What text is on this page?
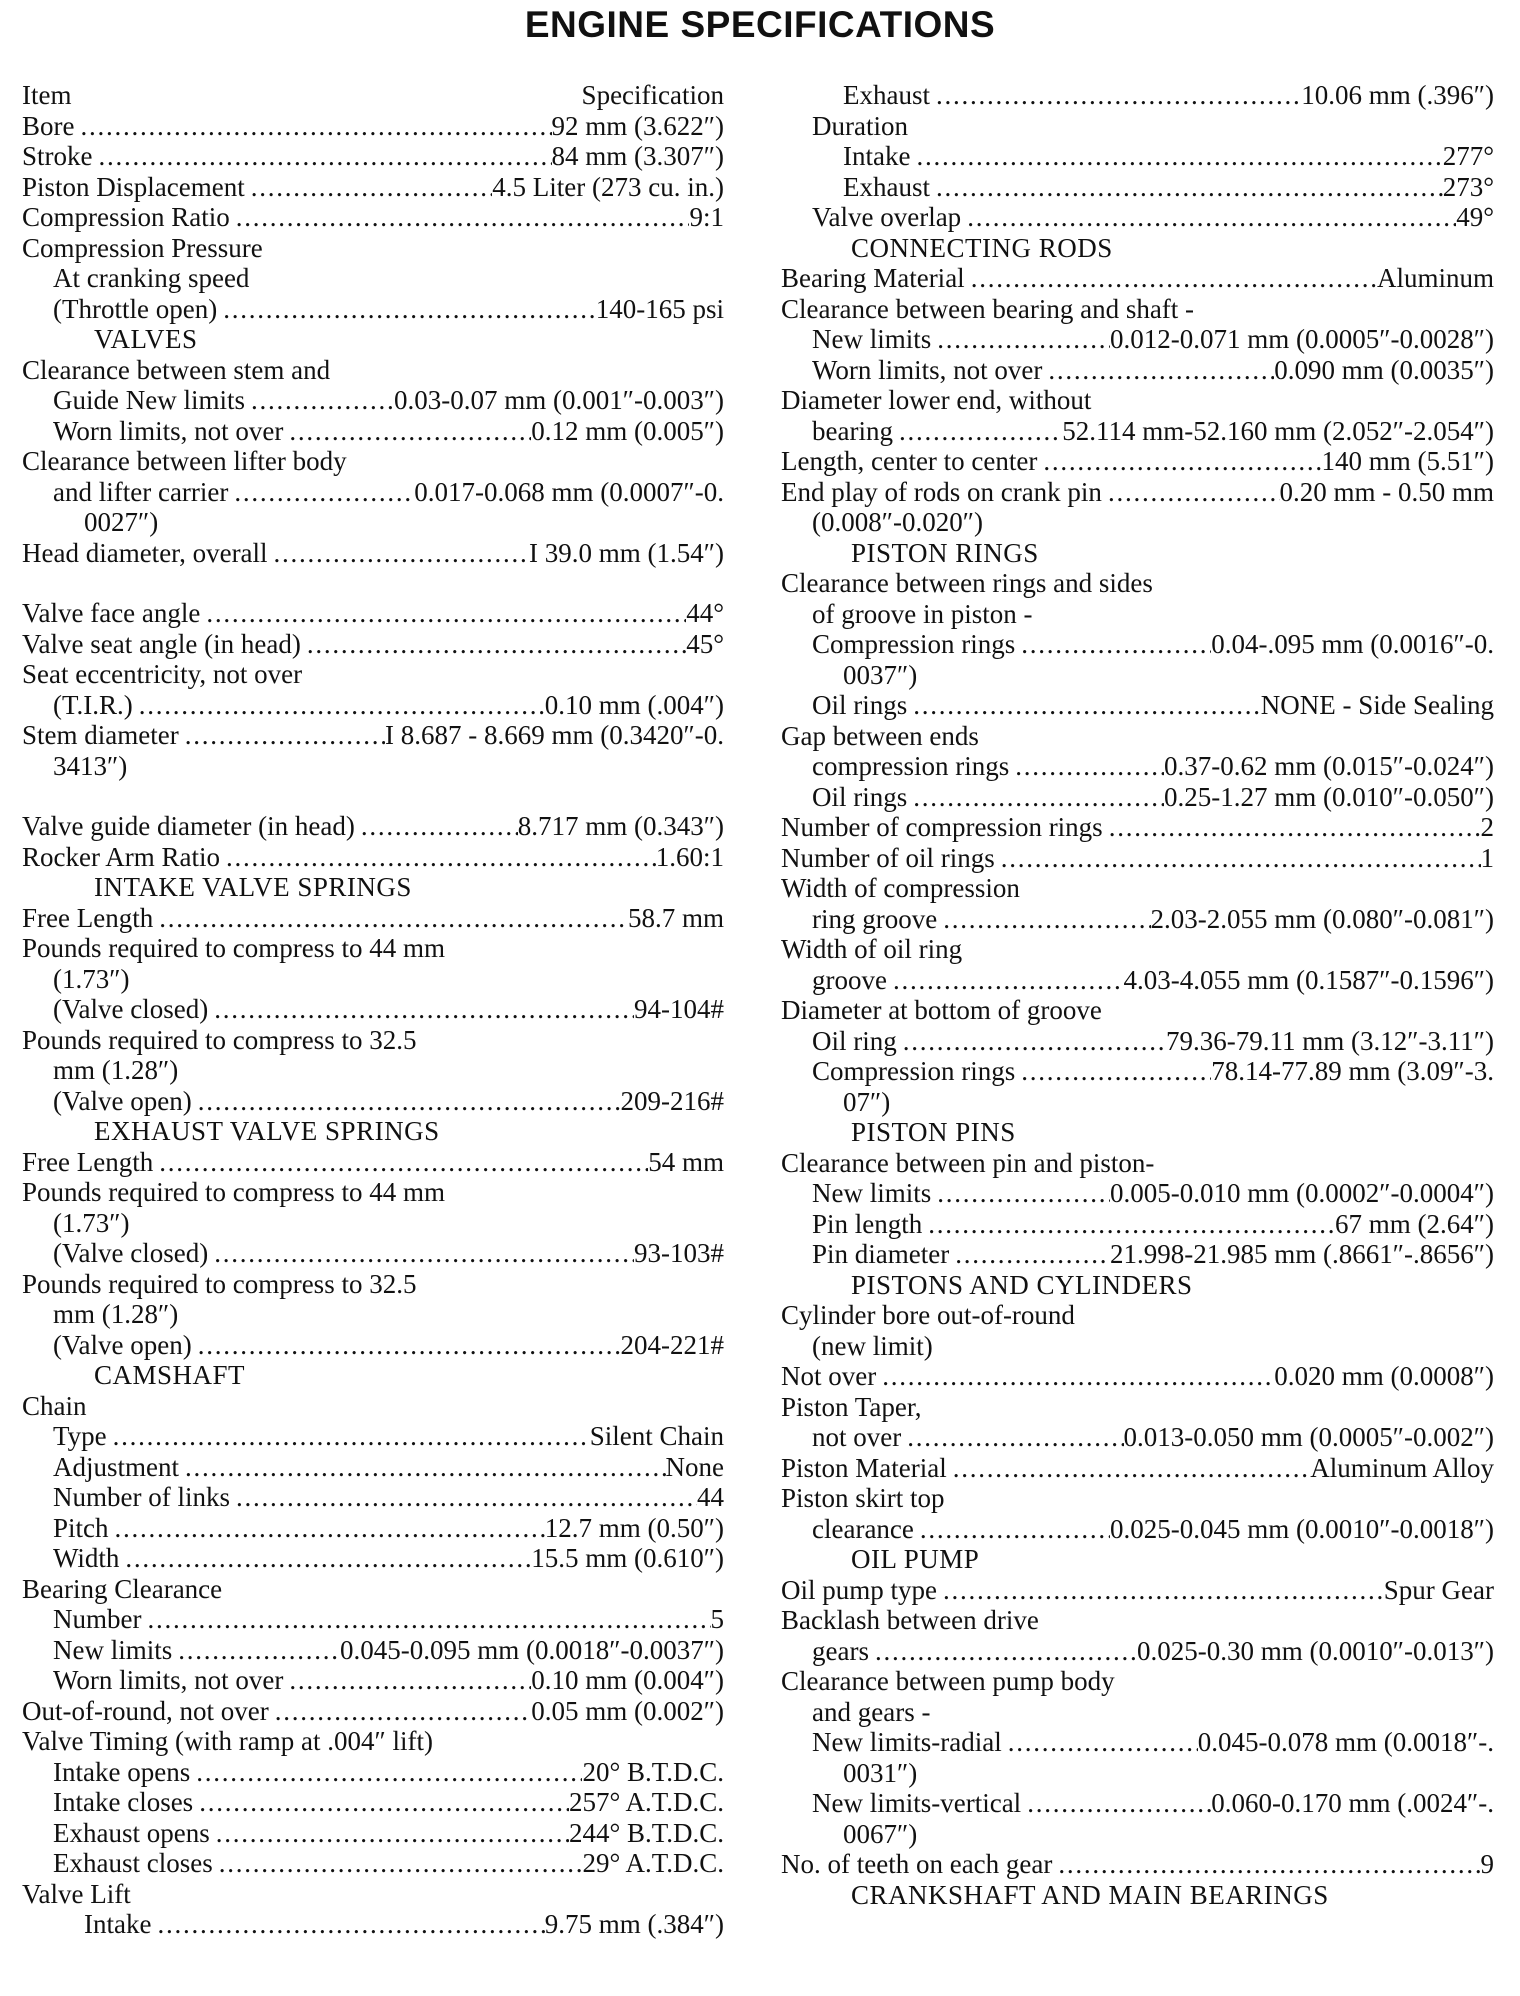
ENGINE SPECIFICATIONS
Item	Specification
Bore . . .	92 mm (3.622″)
Stroke . . .	84 mm (3.307″)
Piston Displacement . . .	4.5 Liter (273 cu. in.)
Compression Ratio . . .	9:1
Compression Pressure
At cranking speed
(Throttle open) . . .	140-165 psi
VALVES
Clearance between stem and
Guide New limits . . .	0.03-0.07 mm (0.001″-0.003″)
Worn limits, not over . . .	0.12 mm (0.005″)
Clearance between lifter body
and lifter carrier . . .	0.017-0.068 mm (0.0007″-0.
0027″)
Head diameter, overall . . .	I 39.0 mm (1.54″)
Valve face angle . . .	44°
Valve seat angle (in head) . . .	45°
Seat eccentricity, not over
(T.I.R.) . . .	0.10 mm (.004″)
Stem diameter . . .	I 8.687 - 8.669 mm (0.3420″-0.
3413″)
Valve guide diameter (in head) . . .	8.717 mm (0.343″)
Rocker Arm Ratio . . .	1.60:1
INTAKE VALVE SPRINGS
Free Length . . .	58.7 mm
Pounds required to compress to 44 mm
(1.73″)
(Valve closed) . . .	94-104#
Pounds required to compress to 32.5
mm (1.28″)
(Valve open) . . .	209-216#
EXHAUST VALVE SPRINGS
Free Length . . .	54 mm
Pounds required to compress to 44 mm
(1.73″)
(Valve closed) . . .	93-103#
Pounds required to compress to 32.5
mm (1.28″)
(Valve open) . . .	204-221#
CAMSHAFT
Chain
Type . . .	Silent Chain
Adjustment . . .	None
Number of links . . .	44
Pitch . . .	12.7 mm (0.50″)
Width . . .	15.5 mm (0.610″)
Bearing Clearance
Number . . .	5
New limits . . .	0.045-0.095 mm (0.0018″-0.0037″)
Worn limits, not over . . .	0.10 mm (0.004″)
Out-of-round, not over . . .	0.05 mm (0.002″)
Valve Timing (with ramp at .004″ lift)
Intake opens . . .	20° B.T.D.C.
Intake closes . . .	257° A.T.D.C.
Exhaust opens . . .	244° B.T.D.C.
Exhaust closes . . .	29° A.T.D.C.
Valve Lift
Intake . . .	9.75 mm (.384″)
Exhaust . . .	10.06 mm (.396″)
Duration
Intake . . .	277°
Exhaust . . .	273°
Valve overlap . . .	49°
CONNECTING RODS
Bearing Material . . .	Aluminum
Clearance between bearing and shaft -
New limits . . .	0.012-0.071 mm (0.0005″-0.0028″)
Worn limits, not over . . .	0.090 mm (0.0035″)
Diameter lower end, without
bearing . . .	52.114 mm-52.160 mm (2.052″-2.054″)
Length, center to center . . .	140 mm (5.51″)
End play of rods on crank pin . . .	0.20 mm - 0.50 mm
(0.008″-0.020″)
PISTON RINGS
Clearance between rings and sides
of groove in piston -
Compression rings . . .	0.04-.095 mm (0.0016″-0.
0037″)
Oil rings . . .	NONE - Side Sealing
Gap between ends
compression rings . . .	0.37-0.62 mm (0.015″-0.024″)
Oil rings . . .	0.25-1.27 mm (0.010″-0.050″)
Number of compression rings . . .	2
Number of oil rings . . .	1
Width of compression
ring groove . . .	2.03-2.055 mm (0.080″-0.081″)
Width of oil ring
groove . . .	4.03-4.055 mm (0.1587″-0.1596″)
Diameter at bottom of groove
Oil ring . . .	79.36-79.11 mm (3.12″-3.11″)
Compression rings . . .	78.14-77.89 mm (3.09″-3.
07″)
PISTON PINS
Clearance between pin and piston-
New limits . . .	0.005-0.010 mm (0.0002″-0.0004″)
Pin length . . .	67 mm (2.64″)
Pin diameter . . .	21.998-21.985 mm (.8661″-.8656″)
PISTONS AND CYLINDERS
Cylinder bore out-of-round
(new limit)
Not over . . .	0.020 mm (0.0008″)
Piston Taper,
not over . . .	0.013-0.050 mm (0.0005″-0.002″)
Piston Material . . .	Aluminum Alloy
Piston skirt top
clearance . . .	0.025-0.045 mm (0.0010″-0.0018″)
OIL PUMP
Oil pump type . . .	Spur Gear
Backlash between drive
gears . . .	0.025-0.30 mm (0.0010″-0.013″)
Clearance between pump body
and gears -
New limits-radial . . .	0.045-0.078 mm (0.0018″-.
0031″)
New limits-vertical . . .	0.060-0.170 mm (.0024″-.
0067″)
No. of teeth on each gear . . .	9
CRANKSHAFT AND MAIN BEARINGS
